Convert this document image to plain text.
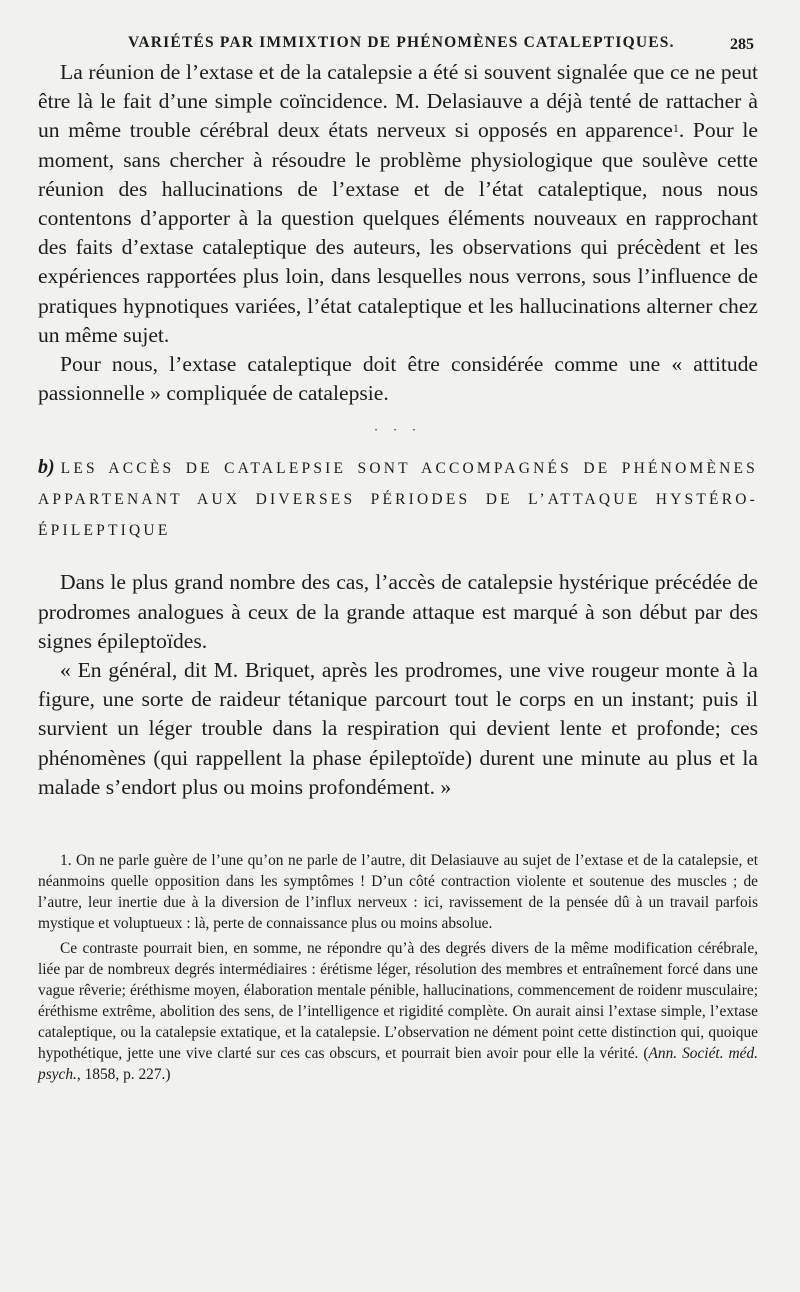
VARIÉTÉS PAR IMMIXTION DE PHÉNOMÈNES CATALEPTIQUES.	285

La réunion de l’extase et de la catalepsie a été si souvent signalée que ce ne peut être là le fait d’une simple coïncidence. M. Delasiauve a déjà tenté de rattacher à un même trouble cérébral deux états nerveux si opposés en apparence$^1$. Pour le moment, sans chercher à résoudre le problème physiologique que soulève cette réunion des hallucinations de l’extase et de l’état cataleptique, nous nous contentons d’apporter à la question quelques éléments nouveaux en rapprochant des faits d’extase cataleptique des auteurs, les observations qui précèdent et les expériences rapportées plus loin, dans lesquelles nous verrons, sous l’influence de pratiques hypnotiques variées, l’état cataleptique et les hallucinations alterner chez un même sujet.

Pour nous, l’extase cataleptique doit être considérée comme une « attitude passionnelle » compliquée de catalepsie.

· · ·
b) LES ACCÈS DE CATALEPSIE SONT ACCOMPAGNÉS DE PHÉNOMÈNES APPARTENANT AUX DIVERSES PÉRIODES DE L’ATTAQUE HYSTÉRO-ÉPILEPTIQUE

Dans le plus grand nombre des cas, l’accès de catalepsie hystérique précédée de prodromes analogues à ceux de la grande attaque est marqué à son début par des signes épileptoïdes.

« En général, dit M. Briquet, après les prodromes, une vive rougeur monte à la figure, une sorte de raideur tétanique parcourt tout le corps en un instant; puis il survient un léger trouble dans la respiration qui devient lente et profonde; ces phénomènes (qui rappellent la phase épileptoïde) durent une minute au plus et la malade s’endort plus ou moins profondément. »

1. On ne parle guère de l’une qu’on ne parle de l’autre, dit Delasiauve au sujet de l’extase et de la catalepsie, et néanmoins quelle opposition dans les symptômes ! D’un côté contraction violente et soutenue des muscles ; de l’autre, leur inertie due à la diversion de l’influx nerveux : ici, ravissement de la pensée dû à un travail parfois mystique et voluptueux : là, perte de connaissance plus ou moins absolue.

Ce contraste pourrait bien, en somme, ne répondre qu’à des degrés divers de la même modification cérébrale, liée par de nombreux degrés intermédiaires : érétisme léger, résolution des membres et entraînement forcé dans une vague rêverie; éréthisme moyen, élaboration mentale pénible, hallucinations, commencement de roidenr musculaire; éréthisme extrême, abolition des sens, de l’intelligence et rigidité complète. On aurait ainsi l’extase simple, l’extase cataleptique, ou la catalepsie extatique, et la catalepsie. L’observation ne dément point cette distinction qui, quoique hypothétique, jette une vive clarté sur ces cas obscurs, et pourrait bien avoir pour elle la vérité. (Ann. Sociét. méd. psych., 1858, p. 227.)
